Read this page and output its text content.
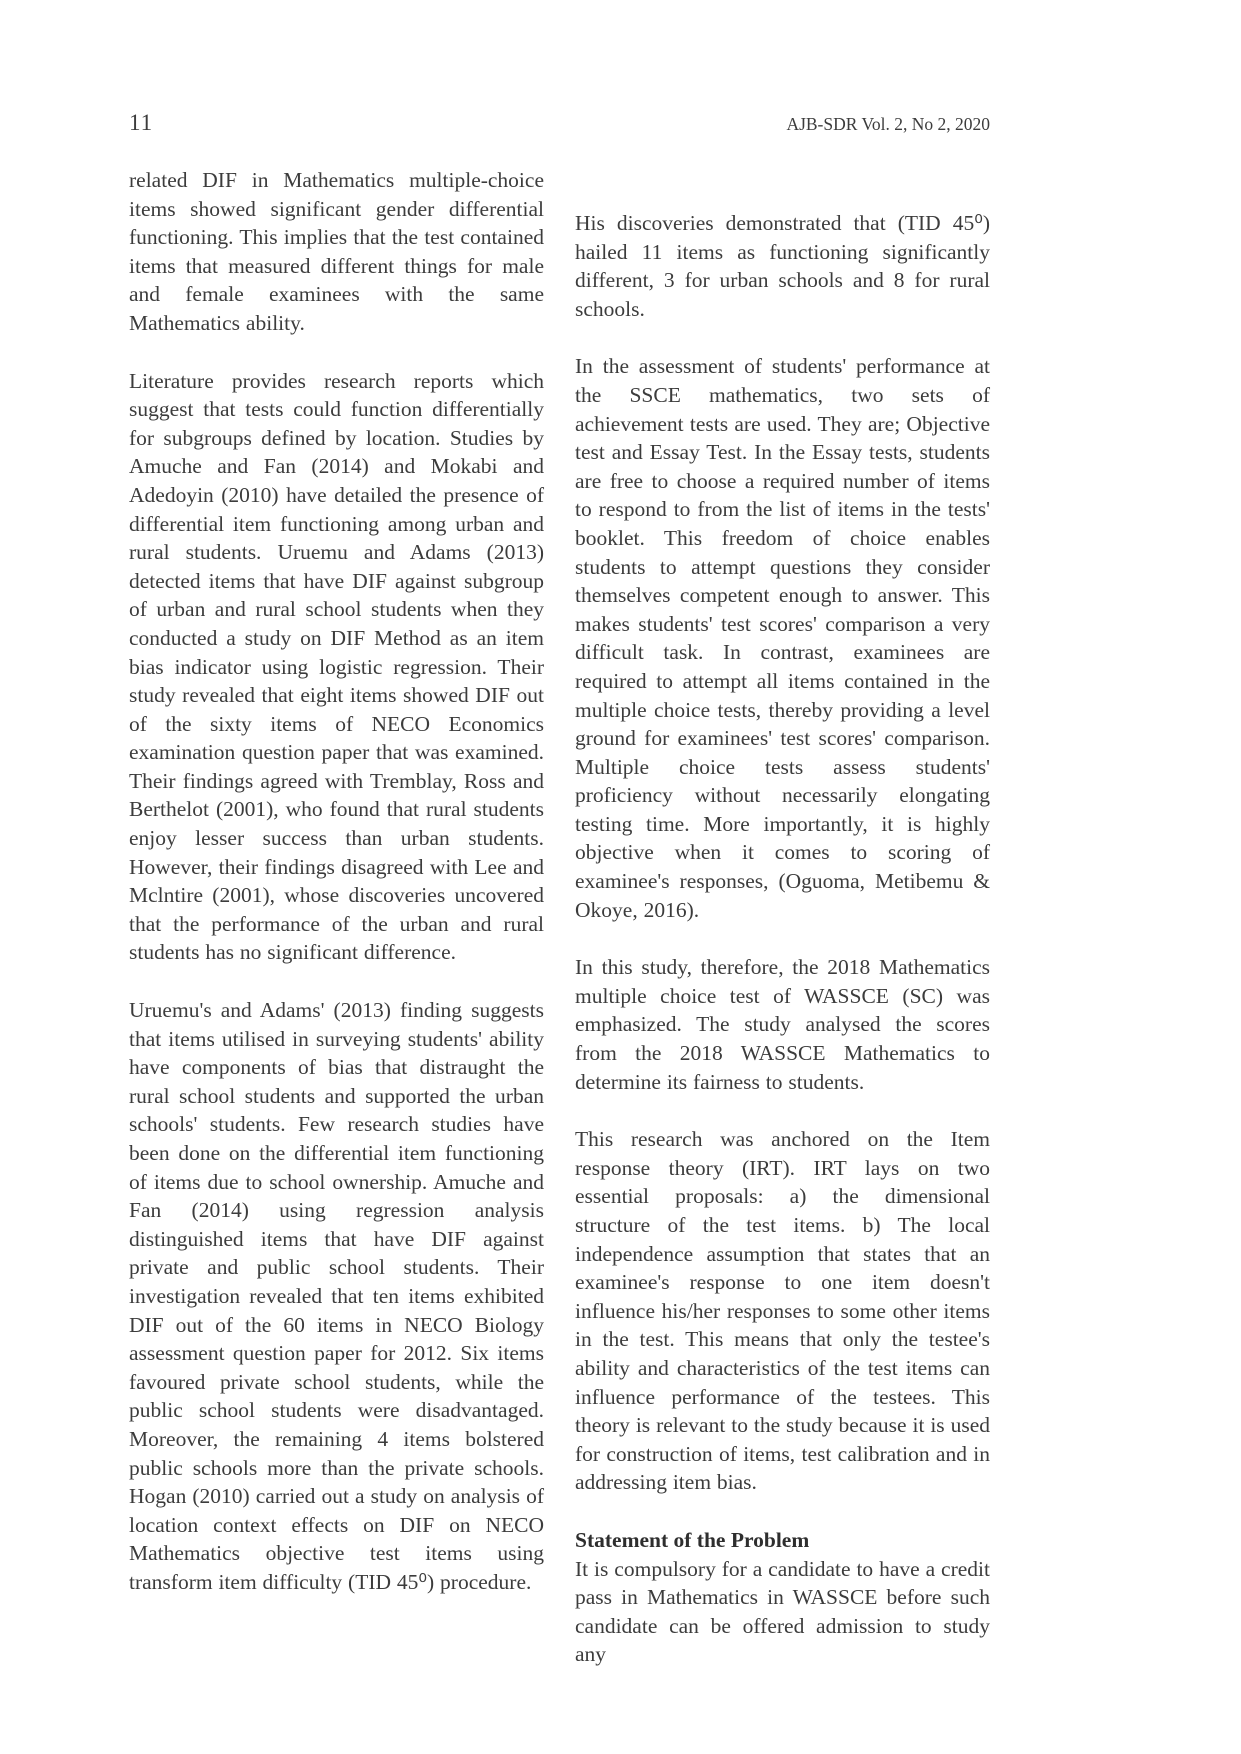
11	AJB-SDR Vol. 2, No 2, 2020

related DIF in Mathematics multiple-choice items showed significant gender differential functioning. This implies that the test contained items that measured different things for male and female examinees with the same Mathematics ability.

Literature provides research reports which suggest that tests could function differentially for subgroups defined by location. Studies by Amuche and Fan (2014) and Mokabi and Adedoyin (2010) have detailed the presence of differential item functioning among urban and rural students. Uruemu and Adams (2013) detected items that have DIF against subgroup of urban and rural school students when they conducted a study on DIF Method as an item bias indicator using logistic regression. Their study revealed that eight items showed DIF out of the sixty items of NECO Economics examination question paper that was examined. Their findings agreed with Tremblay, Ross and Berthelot (2001), who found that rural students enjoy lesser success than urban students. However, their findings disagreed with Lee and Mclntire (2001), whose discoveries uncovered that the performance of the urban and rural students has no significant difference.

Uruemu's and Adams' (2013) finding suggests that items utilised in surveying students' ability have components of bias that distraught the rural school students and supported the urban schools' students. Few research studies have been done on the differential item functioning of items due to school ownership. Amuche and Fan (2014) using regression analysis distinguished items that have DIF against private and public school students. Their investigation revealed that ten items exhibited DIF out of the 60 items in NECO Biology assessment question paper for 2012. Six items favoured private school students, while the public school students were disadvantaged. Moreover, the remaining 4 items bolstered public schools more than the private schools. Hogan (2010) carried out a study on analysis of location context effects on DIF on NECO Mathematics objective test items using transform item difficulty (TID 45⁰) procedure.

His discoveries demonstrated that (TID 45⁰) hailed 11 items as functioning significantly different, 3 for urban schools and 8 for rural schools.

In the assessment of students' performance at the SSCE mathematics, two sets of achievement tests are used. They are; Objective test and Essay Test. In the Essay tests, students are free to choose a required number of items to respond to from the list of items in the tests' booklet. This freedom of choice enables students to attempt questions they consider themselves competent enough to answer. This makes students' test scores' comparison a very difficult task. In contrast, examinees are required to attempt all items contained in the multiple choice tests, thereby providing a level ground for examinees' test scores' comparison. Multiple choice tests assess students' proficiency without necessarily elongating testing time. More importantly, it is highly objective when it comes to scoring of examinee's responses, (Oguoma, Metibemu & Okoye, 2016).

In this study, therefore, the 2018 Mathematics multiple choice test of WASSCE (SC) was emphasized. The study analysed the scores from the 2018 WASSCE Mathematics to determine its fairness to students.

This research was anchored on the Item response theory (IRT). IRT lays on two essential proposals: a) the dimensional structure of the test items. b) The local independence assumption that states that an examinee's response to one item doesn't influence his/her responses to some other items in the test. This means that only the testee's ability and characteristics of the test items can influence performance of the testees. This theory is relevant to the study because it is used for construction of items, test calibration and in addressing item bias.

Statement of the Problem

It is compulsory for a candidate to have a credit pass in Mathematics in WASSCE before such candidate can be offered admission to study any
